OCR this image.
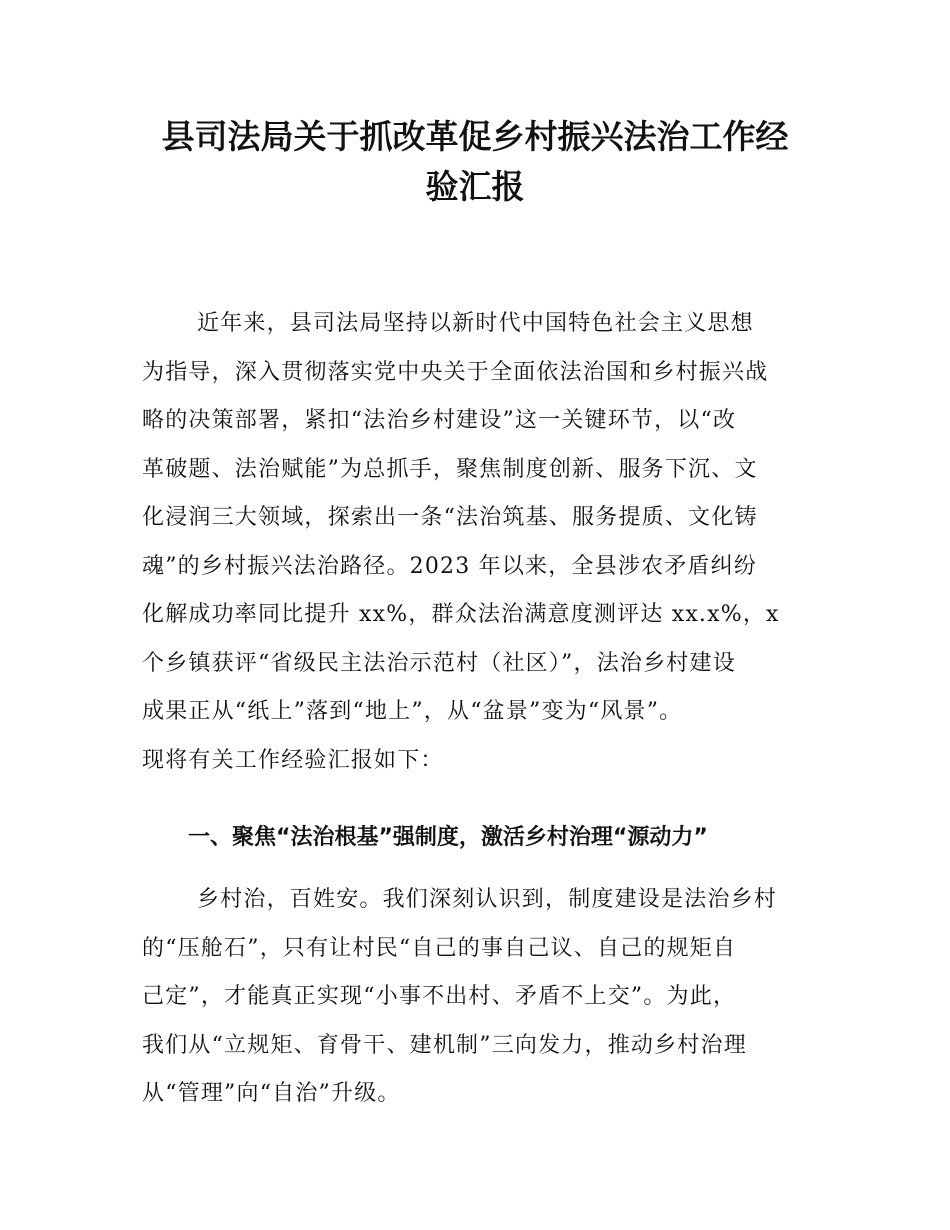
县司法局关于抓改革促乡村振兴法治工作经
验汇报

近年来，县司法局坚持以新时代中国特色社会主义思想
为指导，深入贯彻落实党中央关于全面依法治国和乡村振兴战
略的决策部署，紧扣“法治乡村建设”这一关键环节，以“改
革破题、法治赋能”为总抓手，聚焦制度创新、服务下沉、文
化浸润三大领域，探索出一条“法治筑基、服务提质、文化铸
魂”的乡村振兴法治路径。2023 年以来，全县涉农矛盾纠纷
化解成功率同比提升 xx%，群众法治满意度测评达 xx.x%，x
个乡镇获评“省级民主法治示范村（社区）”，法治乡村建设
成果正从“纸上”落到“地上”，从“盆景”变为“风景”。
现将有关工作经验汇报如下：

一、聚焦“法治根基”强制度，激活乡村治理“源动力”

乡村治，百姓安。我们深刻认识到，制度建设是法治乡村
的“压舱石”，只有让村民“自己的事自己议、自己的规矩自
己定”，才能真正实现“小事不出村、矛盾不上交”。为此，
我们从“立规矩、育骨干、建机制”三向发力，推动乡村治理
从“管理”向“自治”升级。
